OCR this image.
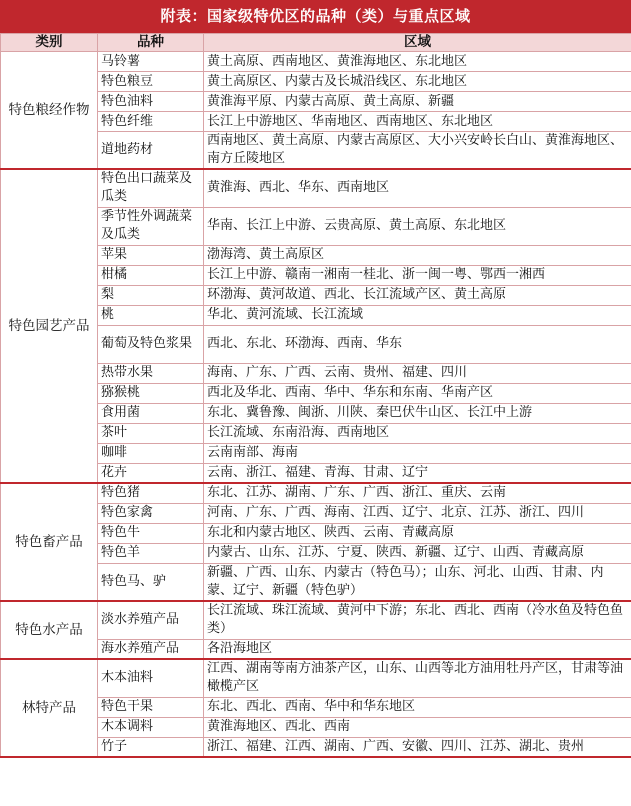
附表：国家级特优区的品种（类）与重点区域
类别	品种	区域
特色粮经作物	马铃薯	黄土高原、西南地区、黄淮海地区、东北地区
	特色粮豆	黄土高原区、内蒙古及长城沿线区、东北地区
	特色油料	黄淮海平原、内蒙古高原、黄土高原、新疆
	特色纤维	长江上中游地区、华南地区、西南地区、东北地区
	道地药材	西南地区、黄土高原、内蒙古高原区、大小兴安岭长白山、黄淮海地区、南方丘陵地区
特色园艺产品	特色出口蔬菜及瓜类	黄淮海、西北、华东、西南地区
	季节性外调蔬菜及瓜类	华南、长江上中游、云贵高原、黄土高原、东北地区
	苹果	渤海湾、黄土高原区
	柑橘	长江上中游、赣南一湘南一桂北、浙一闽一粤、鄂西一湘西
	梨	环渤海、黄河故道、西北、长江流域产区、黄土高原
	桃	华北、黄河流域、长江流域
	葡萄及特色浆果	西北、东北、环渤海、西南、华东
	热带水果	海南、广东、广西、云南、贵州、福建、四川
	猕猴桃	西北及华北、西南、华中、华东和东南、华南产区
	食用菌	东北、冀鲁豫、闽浙、川陕、秦巴伏牛山区、长江中上游
	茶叶	长江流域、东南沿海、西南地区
	咖啡	云南南部、海南
	花卉	云南、浙江、福建、青海、甘肃、辽宁
特色畜产品	特色猪	东北、江苏、湖南、广东、广西、浙江、重庆、云南
	特色家禽	河南、广东、广西、海南、江西、辽宁、北京、江苏、浙江、四川
	特色牛	东北和内蒙古地区、陕西、云南、青藏高原
	特色羊	内蒙古、山东、江苏、宁夏、陕西、新疆、辽宁、山西、青藏高原
	特色马、驴	新疆、广西、山东、内蒙古（特色马）；山东、河北、山西、甘肃、内蒙、辽宁、新疆（特色驴）
特色水产品	淡水养殖产品	长江流域、珠江流域、黄河中下游；东北、西北、西南（冷水鱼及特色鱼类）
	海水养殖产品	各沿海地区
林特产品	木本油料	江西、湖南等南方油茶产区，山东、山西等北方油用牡丹产区，甘肃等油橄榄产区
	特色干果	东北、西北、西南、华中和华东地区
	木本调料	黄淮海地区、西北、西南
	竹子	浙江、福建、江西、湖南、广西、安徽、四川、江苏、湖北、贵州
